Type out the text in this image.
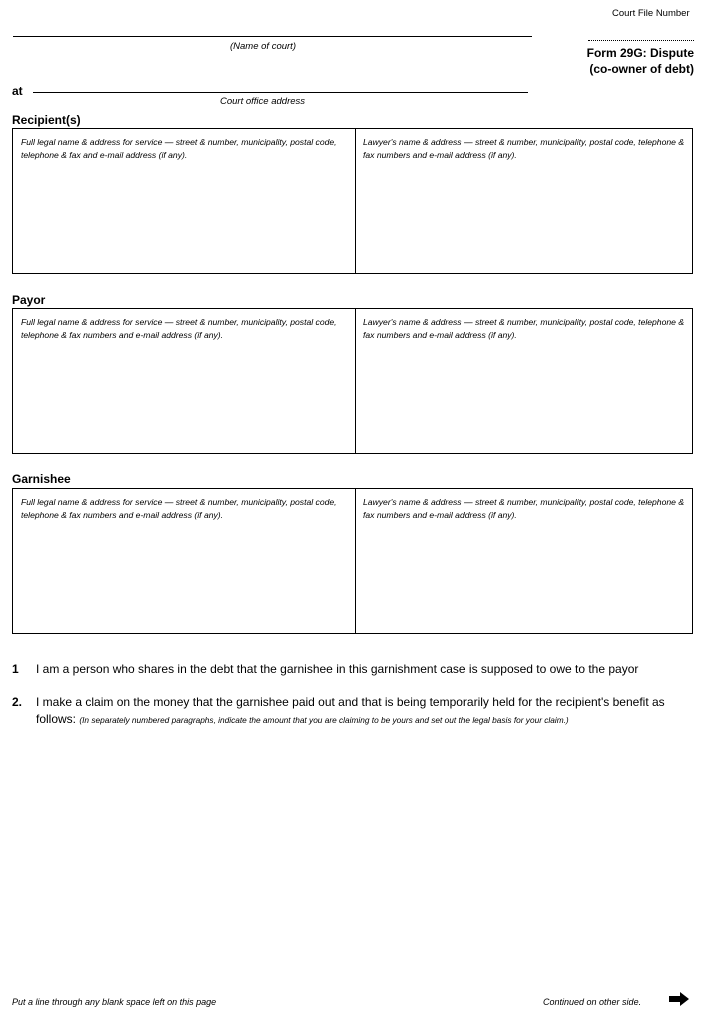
Court File Number
(Name of court)	Form 29G: Dispute
(co-owner of debt)
at
Court office address
Recipient(s)
Full legal name & address for service — street & number, municipality, postal code, telephone & fax and e-mail address (if any).
Lawyer's name & address — street & number, municipality, postal code, telephone & fax numbers and e-mail address (if any).
Payor
Full legal name & address for service — street & number, municipality, postal code, telephone & fax numbers and e-mail address (if any).
Lawyer's name & address — street & number, municipality, postal code, telephone & fax numbers and e-mail address (if any).
Garnishee
Full legal name & address for service — street & number, municipality, postal code, telephone & fax numbers and e-mail address (if any).
Lawyer's name & address — street & number, municipality, postal code, telephone & fax numbers and e-mail address (if any).
1 I am a person who shares in the debt that the garnishee in this garnishment case is supposed to owe to the payor
2. I make a claim on the money that the garnishee paid out and that is being temporarily held for the recipient's benefit as follows: (In separately numbered paragraphs, indicate the amount that you are claiming to be yours and set out the legal basis for your claim.)
Put a line through any blank space left on this page	Continued on other side.
